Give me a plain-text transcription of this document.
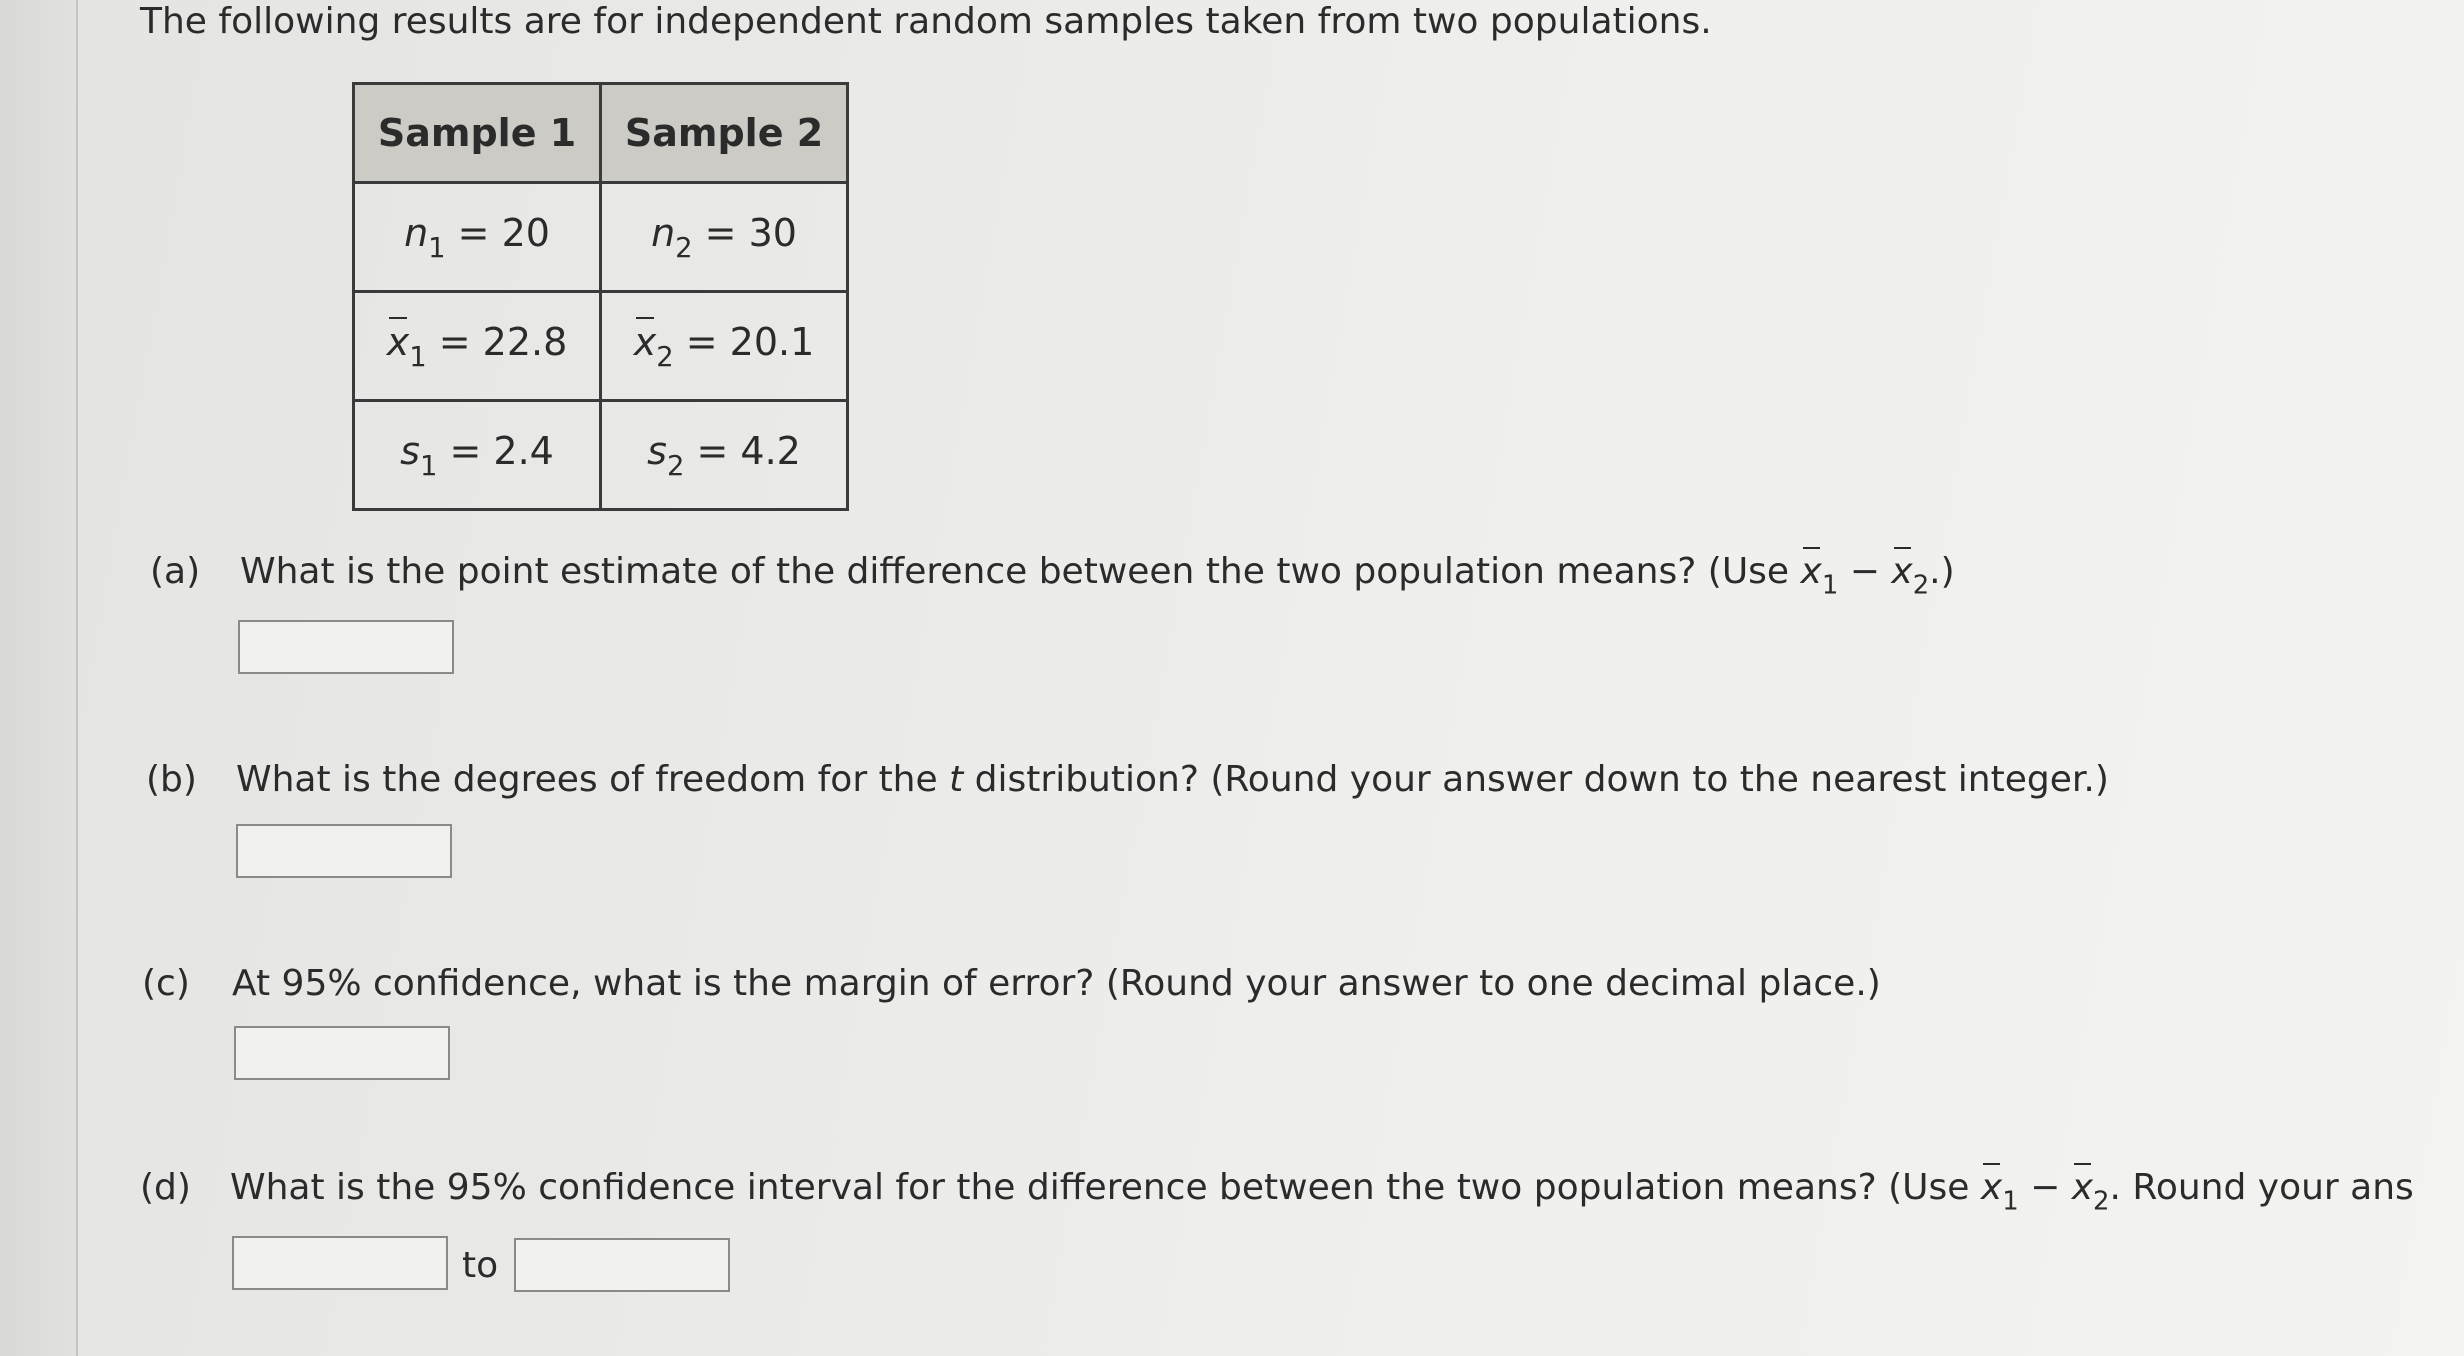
The following results are for independent random samples taken from two populations.
Sample 1	Sample 2
$n_1 = 20$	$n_2 = 30$
$x_1 = 22.8$	$x_2 = 20.1$
$s_1 = 2.4$	$s_2 = 4.2$
(a) What is the point estimate of the difference between the two population means? (Use $x_1 - x_2$.)
(b) What is the degrees of freedom for the t distribution? (Round your answer down to the nearest integer.)
(c) At 95% confidence, what is the margin of error? (Round your answer to one decimal place.)
(d) What is the 95% confidence interval for the difference between the two population means? (Use $x_1 - x_2$. Round your ans
to
